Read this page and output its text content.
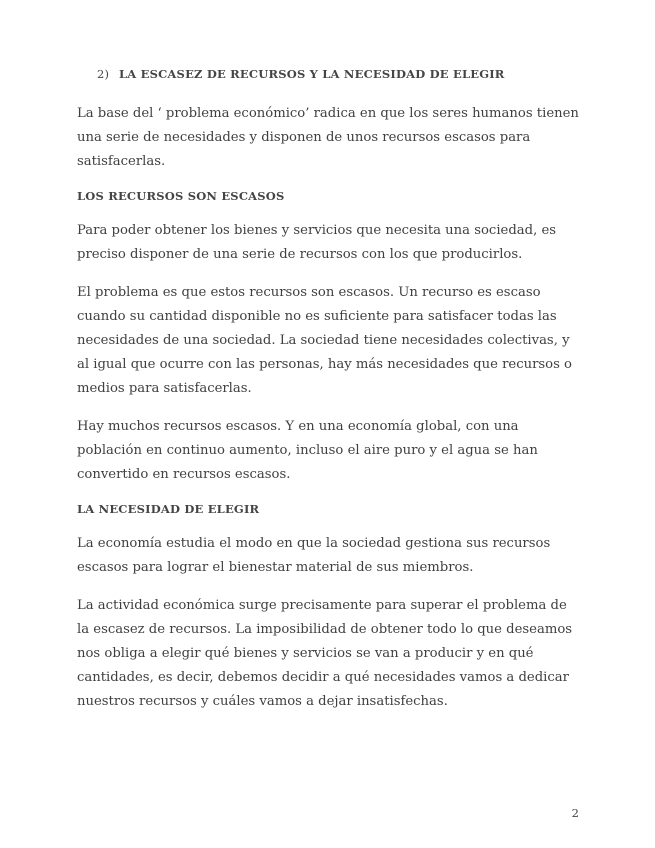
2) LA ESCASEZ DE RECURSOS Y LA NECESIDAD DE ELEGIR

La base del ‘ problema económico’ radica en que los seres humanos tienen una serie de necesidades y disponen de unos recursos escasos para satisfacerlas.

LOS RECURSOS SON ESCASOS

Para poder obtener los bienes y servicios que necesita una sociedad, es preciso disponer de una serie de recursos con los que producirlos.

El problema es que estos recursos son escasos. Un recurso es escaso cuando su cantidad disponible no es suficiente para satisfacer todas las necesidades de una sociedad. La sociedad tiene necesidades colectivas, y al igual que ocurre con las personas, hay más necesidades que recursos o medios para satisfacerlas.

Hay muchos recursos escasos. Y en una economía global, con una población en continuo aumento, incluso el aire puro y el agua se han convertido en recursos escasos.

LA NECESIDAD DE ELEGIR

La economía estudia el modo en que la sociedad gestiona sus recursos escasos para lograr el bienestar material de sus miembros.

La actividad económica surge precisamente para superar el problema de la escasez de recursos. La imposibilidad de obtener todo lo que deseamos nos obliga a elegir qué bienes y servicios se van a producir y en qué cantidades, es decir, debemos decidir a qué necesidades vamos a dedicar nuestros recursos y cuáles vamos a dejar insatisfechas.

2
